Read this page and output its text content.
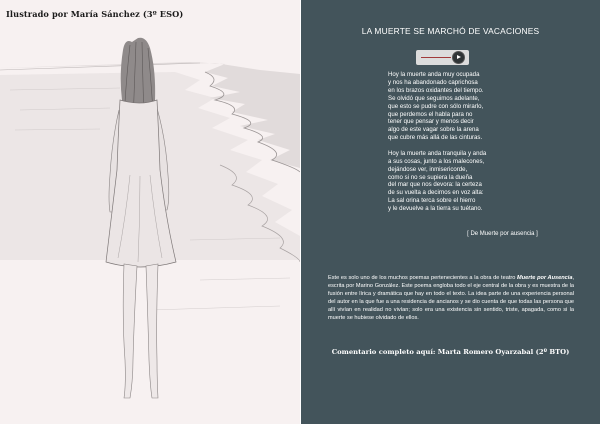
Ilustrado por María Sánchez (3º ESO)

LA MUERTE SE MARCHÓ DE VACACIONES
Hoy la muerte anda muy ocupada
y nos ha abandonado caprichosa
en los brazos oxidantes del tiempo.
Se olvidó que seguimos adelante,
que esto se pudre con sólo mirarlo,
que perdemos el habla para no
tener que pensar y menos decir
algo de este vagar sobre la arena
que cubre más allá de las cinturas.
Hoy la muerte anda tranquila y anda
a sus cosas, junto a los malecones,
dejándose ver, inmisericorde,
como si no se supiera la dueña
del mar que nos devora: la certeza
de su vuelta a decirnos en voz alta:
La sal orina terca sobre el hierro
y le devuelve a la tierra su tuétano.

[ De Muerte por ausencia ]

Este es solo uno de los muchos poemas pertenecientes a la obra de teatro Muerte por Ausencia, escrita por Marino González. Este poema engloba todo el eje central de la obra y es muestra de la fusión entre lírica y dramática que hay en todo el texto. La idea parte de una experiencia personal del autor en la que fue a una residencia de ancianos y se dio cuenta de que todas las persona que allí vivían en realidad no vivían; solo era una existencia sin sentido, triste, apagada, como si la muerte se hubiese olvidado de ellos.

Comentario completo aquí: Marta Romero Oyarzabal (2º BTO)
